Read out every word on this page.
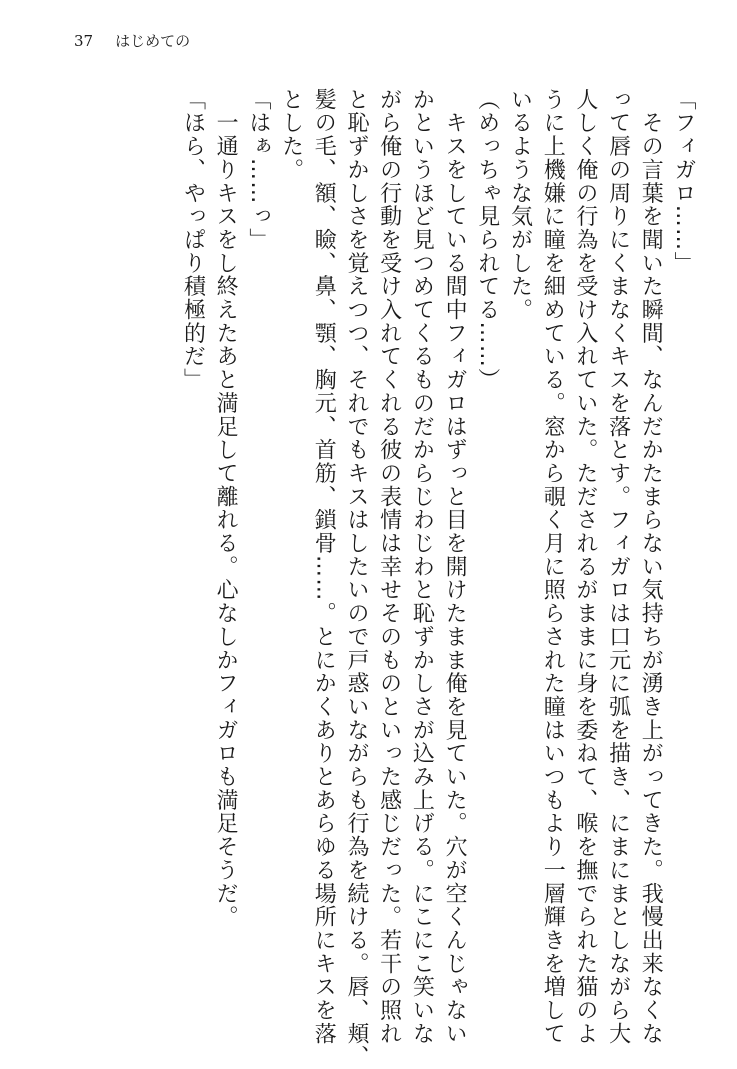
37 はじめての
「フィガロ……」
　その言葉を聞いた瞬間、なんだかたまらない気持ちが湧き上がってきた。我慢出来なくな
って唇の周りにくまなくキスを落とす。フィガロは口元に弧を描き、にまにまとしながら大
人しく俺の行為を受け入れていた。ただされるがままに身を委ねて、喉を撫でられた猫のよ
うに上機嫌に瞳を細めている。窓から覗く月に照らされた瞳はいつもより一層輝きを増して
いるような気がした。
（めっちゃ見られてる……）
　キスをしている間中フィガロはずっと目を開けたまま俺を見ていた。穴が空くんじゃない
かというほど見つめてくるものだからじわじわと恥ずかしさが込み上げる。にこにこ笑いな
がら俺の行動を受け入れてくれる彼の表情は幸せそのものといった感じだった。若干の照れ
と恥ずかしさを覚えつつ、それでもキスはしたいので戸惑いながらも行為を続ける。唇、頬、
髪の毛、額、瞼、鼻、顎、胸元、首筋、鎖骨……。とにかくありとあらゆる場所にキスを落
とした。
「はぁ……っ」
　一通りキスをし終えたあと満足して離れる。心なしかフィガロも満足そうだ。
「ほら、やっぱり積極的だ」
